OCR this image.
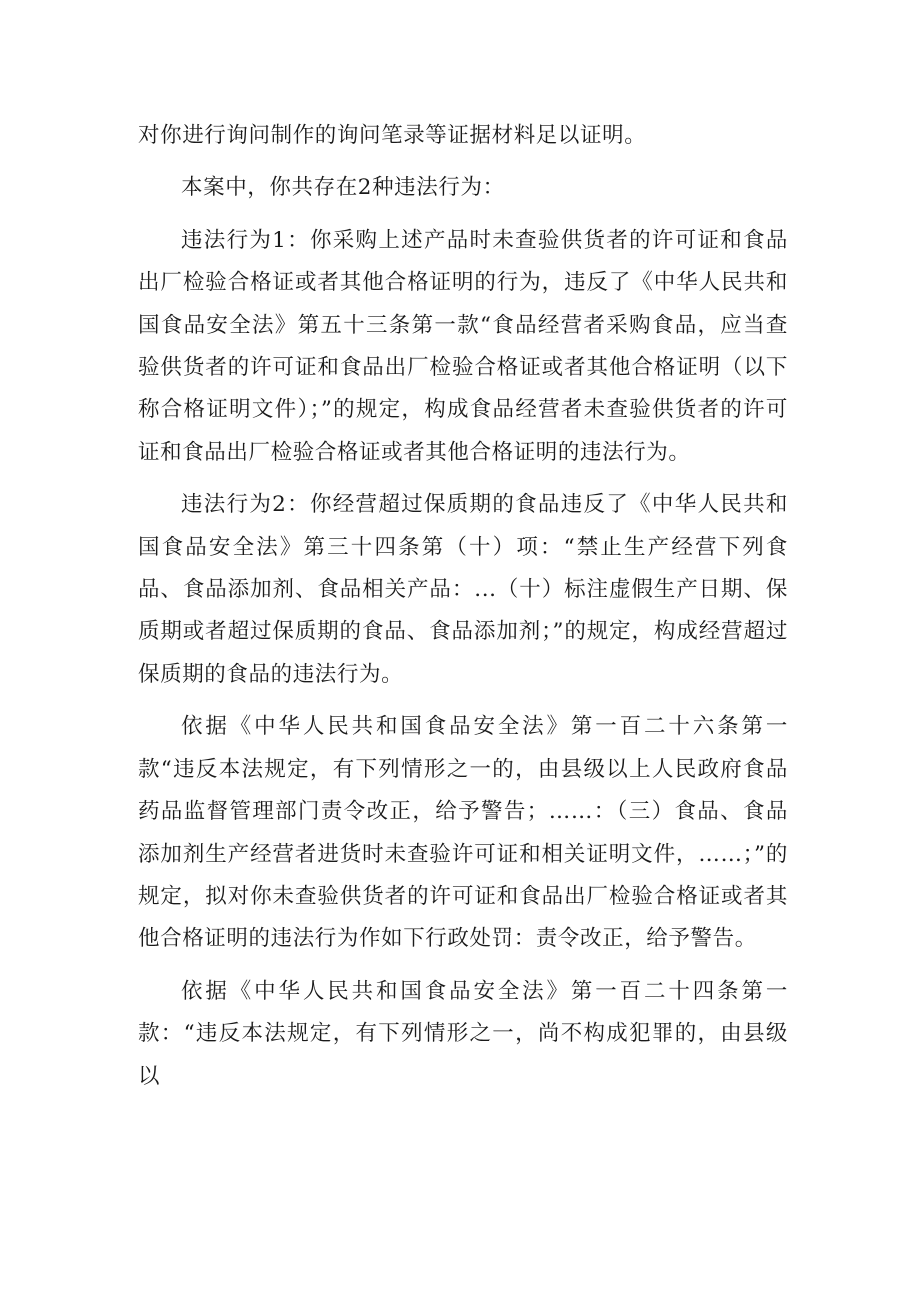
对你进行询问制作的询问笔录等证据材料足以证明。

本案中，你共存在2种违法行为：

违法行为1：你采购上述产品时未查验供货者的许可证和食品出厂检验合格证或者其他合格证明的行为，违反了《中华人民共和国食品安全法》第五十三条第一款“食品经营者采购食品，应当查验供货者的许可证和食品出厂检验合格证或者其他合格证明（以下称合格证明文件）；”的规定，构成食品经营者未查验供货者的许可证和食品出厂检验合格证或者其他合格证明的违法行为。

违法行为2：你经营超过保质期的食品违反了《中华人民共和国食品安全法》第三十四条第（十）项：“禁止生产经营下列食品、食品添加剂、食品相关产品：...（十）标注虚假生产日期、保质期或者超过保质期的食品、食品添加剂；”的规定，构成经营超过保质期的食品的违法行为。

依据《中华人民共和国食品安全法》第一百二十六条第一款“违反本法规定，有下列情形之一的，由县级以上人民政府食品药品监督管理部门责令改正，给予警告；……：（三）食品、食品添加剂生产经营者进货时未查验许可证和相关证明文件，……；”的规定，拟对你未查验供货者的许可证和食品出厂检验合格证或者其他合格证明的违法行为作如下行政处罚：责令改正，给予警告。

依据《中华人民共和国食品安全法》第一百二十四条第一款：“违反本法规定，有下列情形之一，尚不构成犯罪的，由县级以
